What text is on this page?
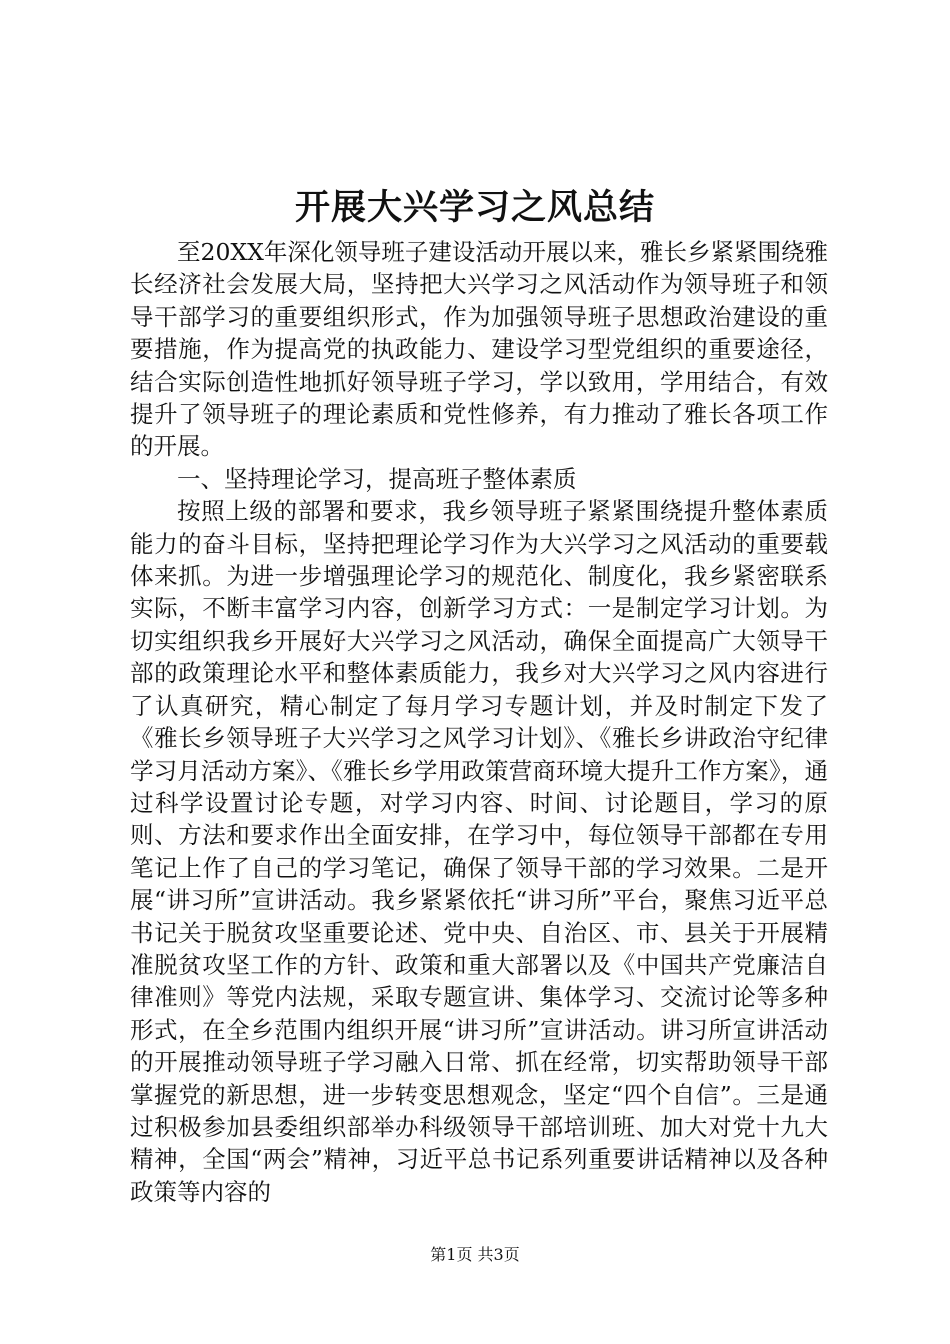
开展大兴学习之风总结

至20XX年深化领导班子建设活动开展以来，雅长乡紧紧围绕雅长经济社会发展大局，坚持把大兴学习之风活动作为领导班子和领导干部学习的重要组织形式，作为加强领导班子思想政治建设的重要措施，作为提高党的执政能力、建设学习型党组织的重要途径，结合实际创造性地抓好领导班子学习，学以致用，学用结合，有效提升了领导班子的理论素质和党性修养，有力推动了雅长各项工作的开展。

一、坚持理论学习，提高班子整体素质

按照上级的部署和要求，我乡领导班子紧紧围绕提升整体素质能力的奋斗目标，坚持把理论学习作为大兴学习之风活动的重要载体来抓。为进一步增强理论学习的规范化、制度化，我乡紧密联系实际，不断丰富学习内容，创新学习方式：一是制定学习计划。为切实组织我乡开展好大兴学习之风活动，确保全面提高广大领导干部的政策理论水平和整体素质能力，我乡对大兴学习之风内容进行了认真研究，精心制定了每月学习专题计划，并及时制定下发了《雅长乡领导班子大兴学习之风学习计划》、《雅长乡讲政治守纪律学习月活动方案》、《雅长乡学用政策营商环境大提升工作方案》，通过科学设置讨论专题，对学习内容、时间、讨论题目，学习的原则、方法和要求作出全面安排，在学习中，每位领导干部都在专用笔记上作了自己的学习笔记，确保了领导干部的学习效果。二是开展“讲习所”宣讲活动。我乡紧紧依托“讲习所”平台，聚焦习近平总书记关于脱贫攻坚重要论述、党中央、自治区、市、县关于开展精准脱贫攻坚工作的方针、政策和重大部署以及《中国共产党廉洁自律准则》等党内法规，采取专题宣讲、集体学习、交流讨论等多种形式，在全乡范围内组织开展“讲习所”宣讲活动。讲习所宣讲活动的开展推动领导班子学习融入日常、抓在经常，切实帮助领导干部掌握党的新思想，进一步转变思想观念，坚定“四个自信”。三是通过积极参加县委组织部举办科级领导干部培训班、加大对党十九大精神，全国“两会”精神，习近平总书记系列重要讲话精神以及各种政策等内容的

第1页 共3页
